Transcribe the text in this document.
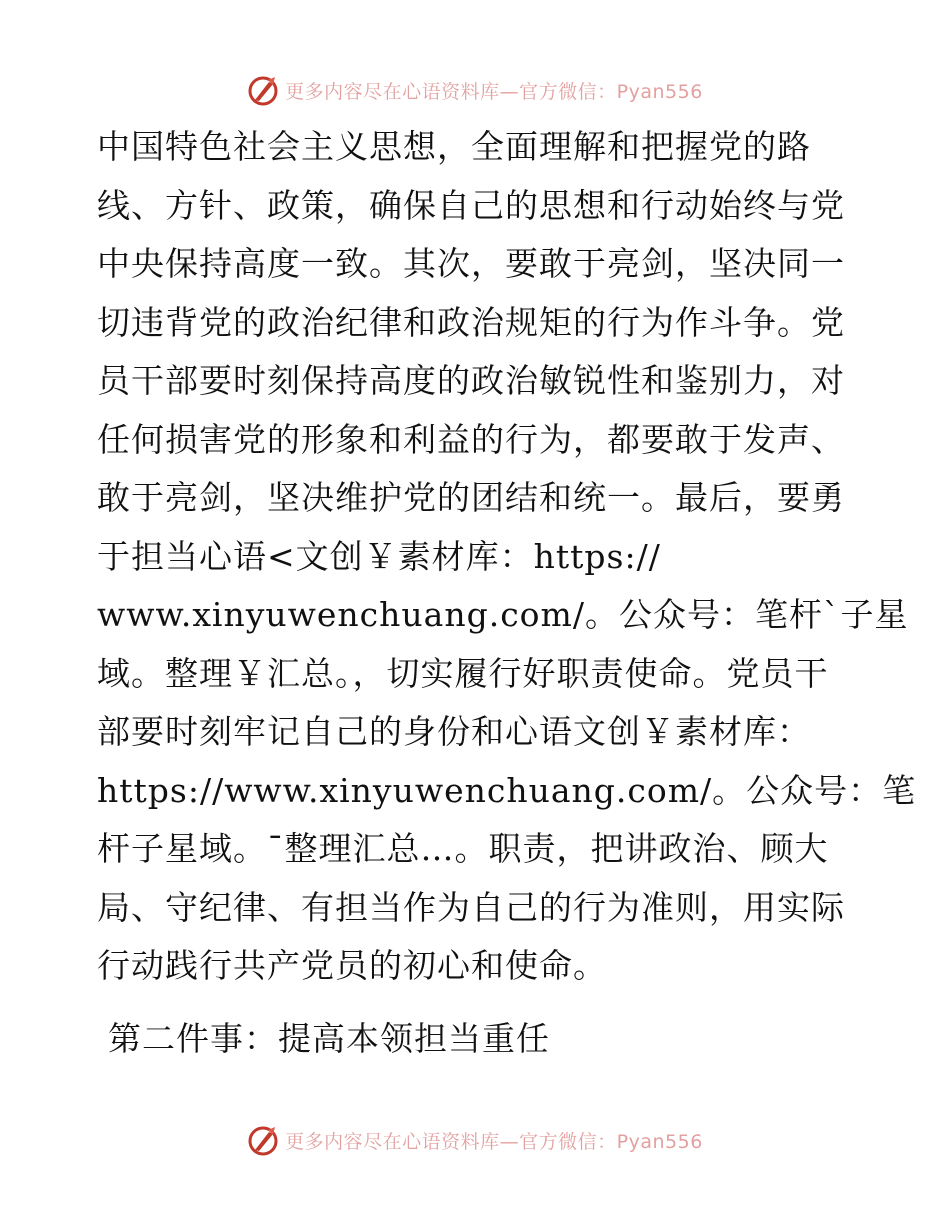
更多内容尽在心语资料库—官方微信：Pyan556
中国特色社会主义思想，全面理解和把握党的路
线、方针、政策，确保自己的思想和行动始终与党
中央保持高度一致。其次，要敢于亮剑，坚决同一
切违背党的政治纪律和政治规矩的行为作斗争。党
员干部要时刻保持高度的政治敏锐性和鉴别力，对
任何损害党的形象和利益的行为，都要敢于发声、
敢于亮剑，坚决维护党的团结和统一。最后，要勇
于担当心语<文创￥素材库：https://
www.xinyuwenchuang.com/。公众号：笔杆`子星
域。整理￥汇总。，切实履行好职责使命。党员干
部要时刻牢记自己的身份和心语文创￥素材库：
https://www.xinyuwenchuang.com/。公众号：笔
杆子星域。¯整理汇总…。职责，把讲政治、顾大
局、守纪律、有担当作为自己的行为准则，用实际
行动践行共产党员的初心和使命。
第二件事：提高本领担当重任
更多内容尽在心语资料库—官方微信：Pyan556
